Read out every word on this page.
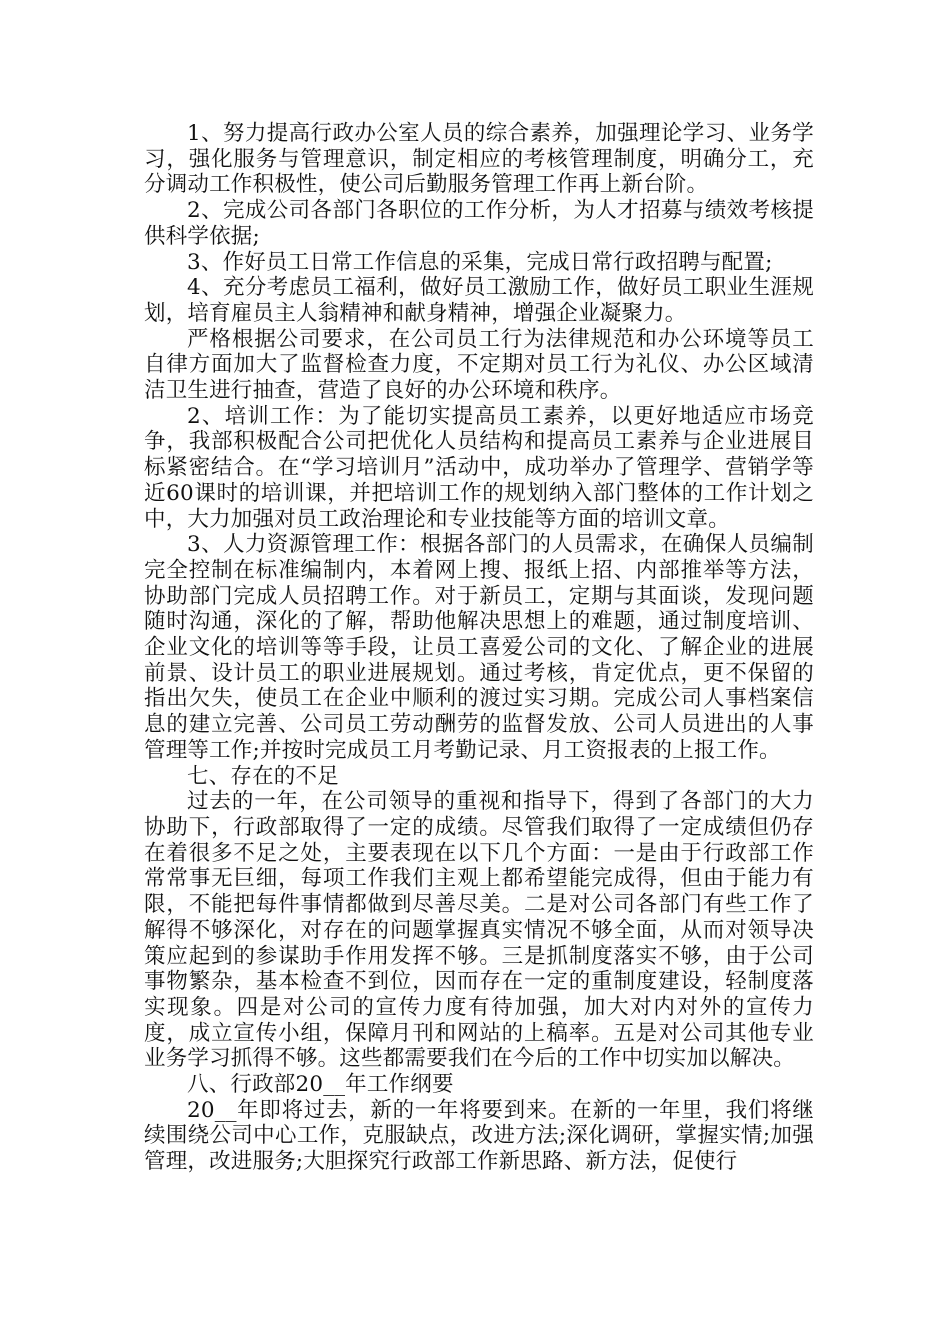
1、努力提高行政办公室人员的综合素养，加强理论学习、业务学习，强化服务与管理意识，制定相应的考核管理制度，明确分工，充分调动工作积极性，使公司后勤服务管理工作再上新台阶。

2、完成公司各部门各职位的工作分析，为人才招募与绩效考核提供科学依据;

3、作好员工日常工作信息的采集，完成日常行政招聘与配置;

4、充分考虑员工福利，做好员工激励工作，做好员工职业生涯规划，培育雇员主人翁精神和献身精神，增强企业凝聚力。

严格根据公司要求，在公司员工行为法律规范和办公环境等员工自律方面加大了监督检查力度，不定期对员工行为礼仪、办公区域清洁卫生进行抽查，营造了良好的办公环境和秩序。

2、培训工作：为了能切实提高员工素养，以更好地适应市场竞争，我部积极配合公司把优化人员结构和提高员工素养与企业进展目标紧密结合。在“学习培训月”活动中，成功举办了管理学、营销学等近60课时的培训课，并把培训工作的规划纳入部门整体的工作计划之中，大力加强对员工政治理论和专业技能等方面的培训文章。

3、人力资源管理工作：根据各部门的人员需求，在确保人员编制完全控制在标准编制内，本着网上搜、报纸上招、内部推举等方法，协助部门完成人员招聘工作。对于新员工，定期与其面谈，发现问题随时沟通，深化的了解，帮助他解决思想上的难题，通过制度培训、企业文化的培训等等手段，让员工喜爱公司的文化、了解企业的进展前景、设计员工的职业进展规划。通过考核，肯定优点，更不保留的指出欠失，使员工在企业中顺利的渡过实习期。完成公司人事档案信息的建立完善、公司员工劳动酬劳的监督发放、公司人员进出的人事管理等工作;并按时完成员工月考勤记录、月工资报表的上报工作。

七、存在的不足

过去的一年，在公司领导的重视和指导下，得到了各部门的大力协助下，行政部取得了一定的成绩。尽管我们取得了一定成绩但仍存在着很多不足之处，主要表现在以下几个方面：一是由于行政部工作常常事无巨细，每项工作我们主观上都希望能完成得，但由于能力有限，不能把每件事情都做到尽善尽美。二是对公司各部门有些工作了解得不够深化，对存在的问题掌握真实情况不够全面，从而对领导决策应起到的参谋助手作用发挥不够。三是抓制度落实不够，由于公司事物繁杂，基本检查不到位，因而存在一定的重制度建设，轻制度落实现象。四是对公司的宣传力度有待加强，加大对内对外的宣传力度，成立宣传小组，保障月刊和网站的上稿率。五是对公司其他专业业务学习抓得不够。这些都需要我们在今后的工作中切实加以解决。

八、行政部20__年工作纲要

20__年即将过去，新的一年将要到来。在新的一年里，我们将继续围绕公司中心工作，克服缺点，改进方法;深化调研，掌握实情;加强管理，改进服务;大胆探究行政部工作新思路、新方法，促使行
